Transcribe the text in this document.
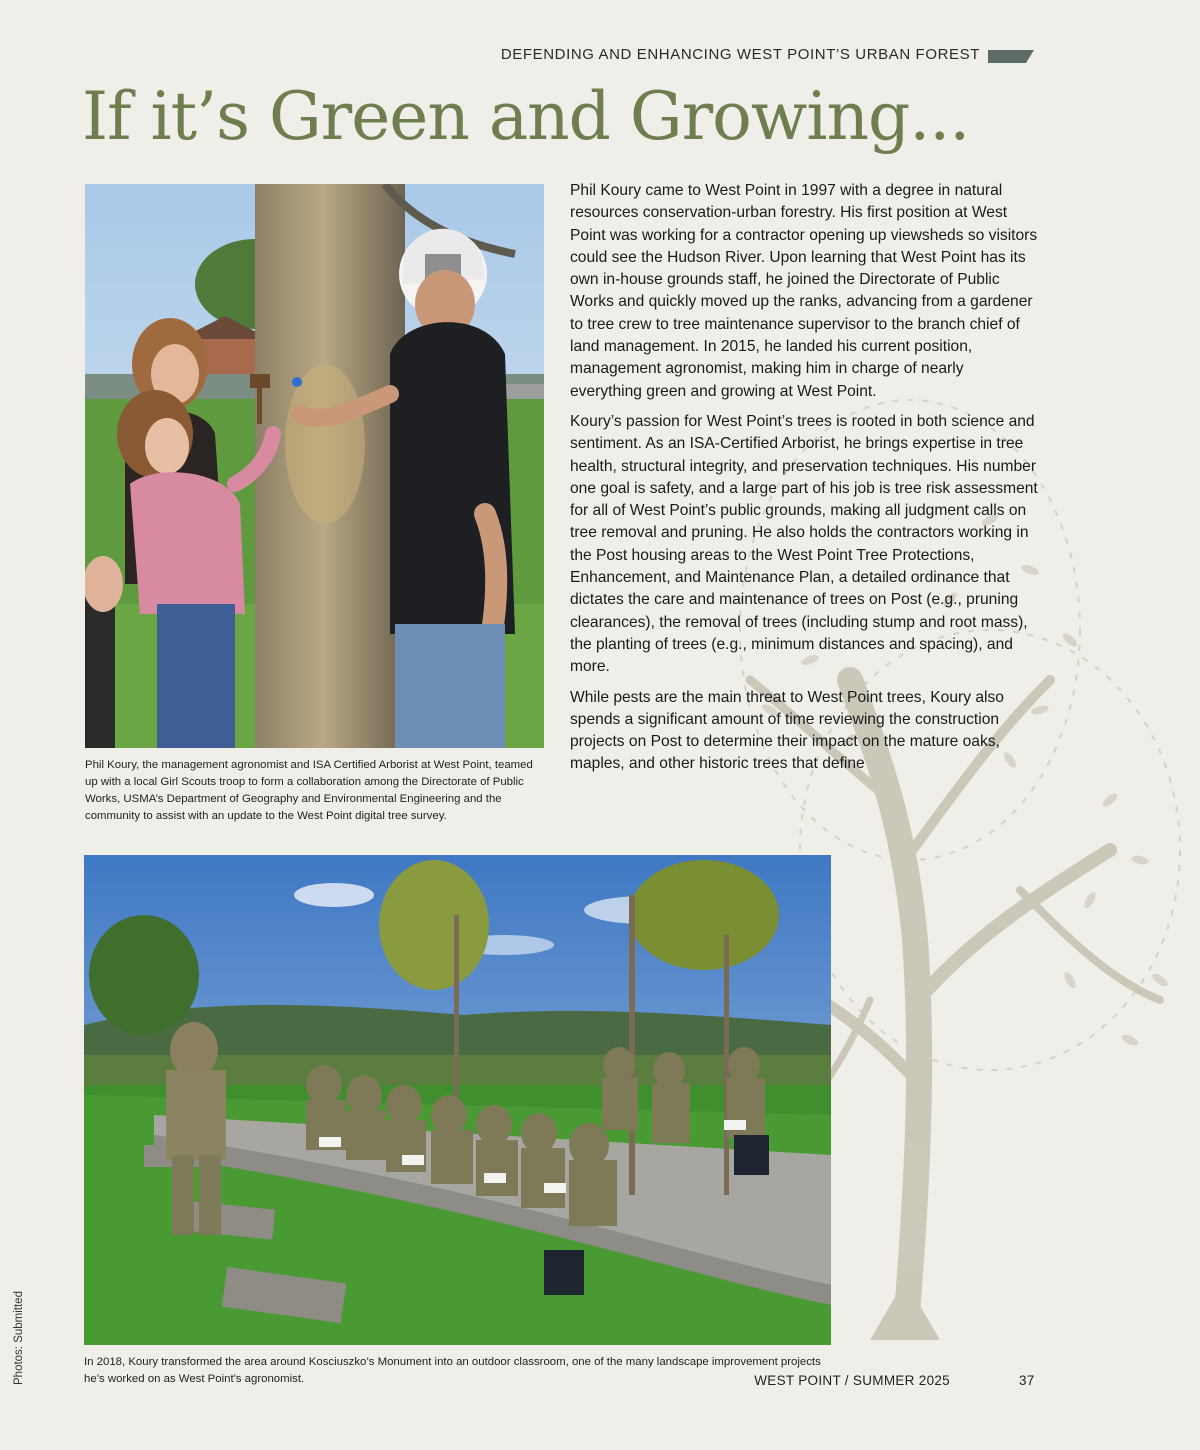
DEFENDING AND ENHANCING WEST POINT’S URBAN FOREST
If it’s Green and Growing...

Phil Koury, the management agronomist and ISA Certified Arborist at West Point, teamed up with a local Girl Scouts troop to form a collaboration among the Directorate of Public Works, USMA’s Department of Geography and Environmental Engineering and the community to assist with an update to the West Point digital tree survey.

Phil Koury came to West Point in 1997 with a degree in natural resources conservation-urban forestry. His first position at West Point was working for a contractor opening up viewsheds so visitors could see the Hudson River. Upon learning that West Point has its own in-house grounds staff, he joined the Directorate of Public Works and quickly moved up the ranks, advancing from a gardener to tree crew to tree maintenance supervisor to the branch chief of land management. In 2015, he landed his current position, management agronomist, making him in charge of nearly everything green and growing at West Point.

Koury’s passion for West Point’s trees is rooted in both science and sentiment. As an ISA-Certified Arborist, he brings expertise in tree health, structural integrity, and preservation techniques. His number one goal is safety, and a large part of his job is tree risk assessment for all of West Point’s public grounds, making all judgment calls on tree removal and pruning. He also holds the contractors working in the Post housing areas to the West Point Tree Protections, Enhancement, and Maintenance Plan, a detailed ordinance that dictates the care and maintenance of trees on Post (e.g., pruning clearances), the removal of trees (including stump and root mass), the planting of trees (e.g., minimum distances and spacing), and more.

While pests are the main threat to West Point trees, Koury also spends a significant amount of time reviewing the construction projects on Post to determine their impact on the mature oaks, maples, and other historic trees that define

In 2018, Koury transformed the area around Kosciuszko’s Monument into an outdoor classroom, one of the many landscape improvement projects he’s worked on as West Point's agronomist.

Photos: Submitted	WEST POINT / SUMMER 2025	37
